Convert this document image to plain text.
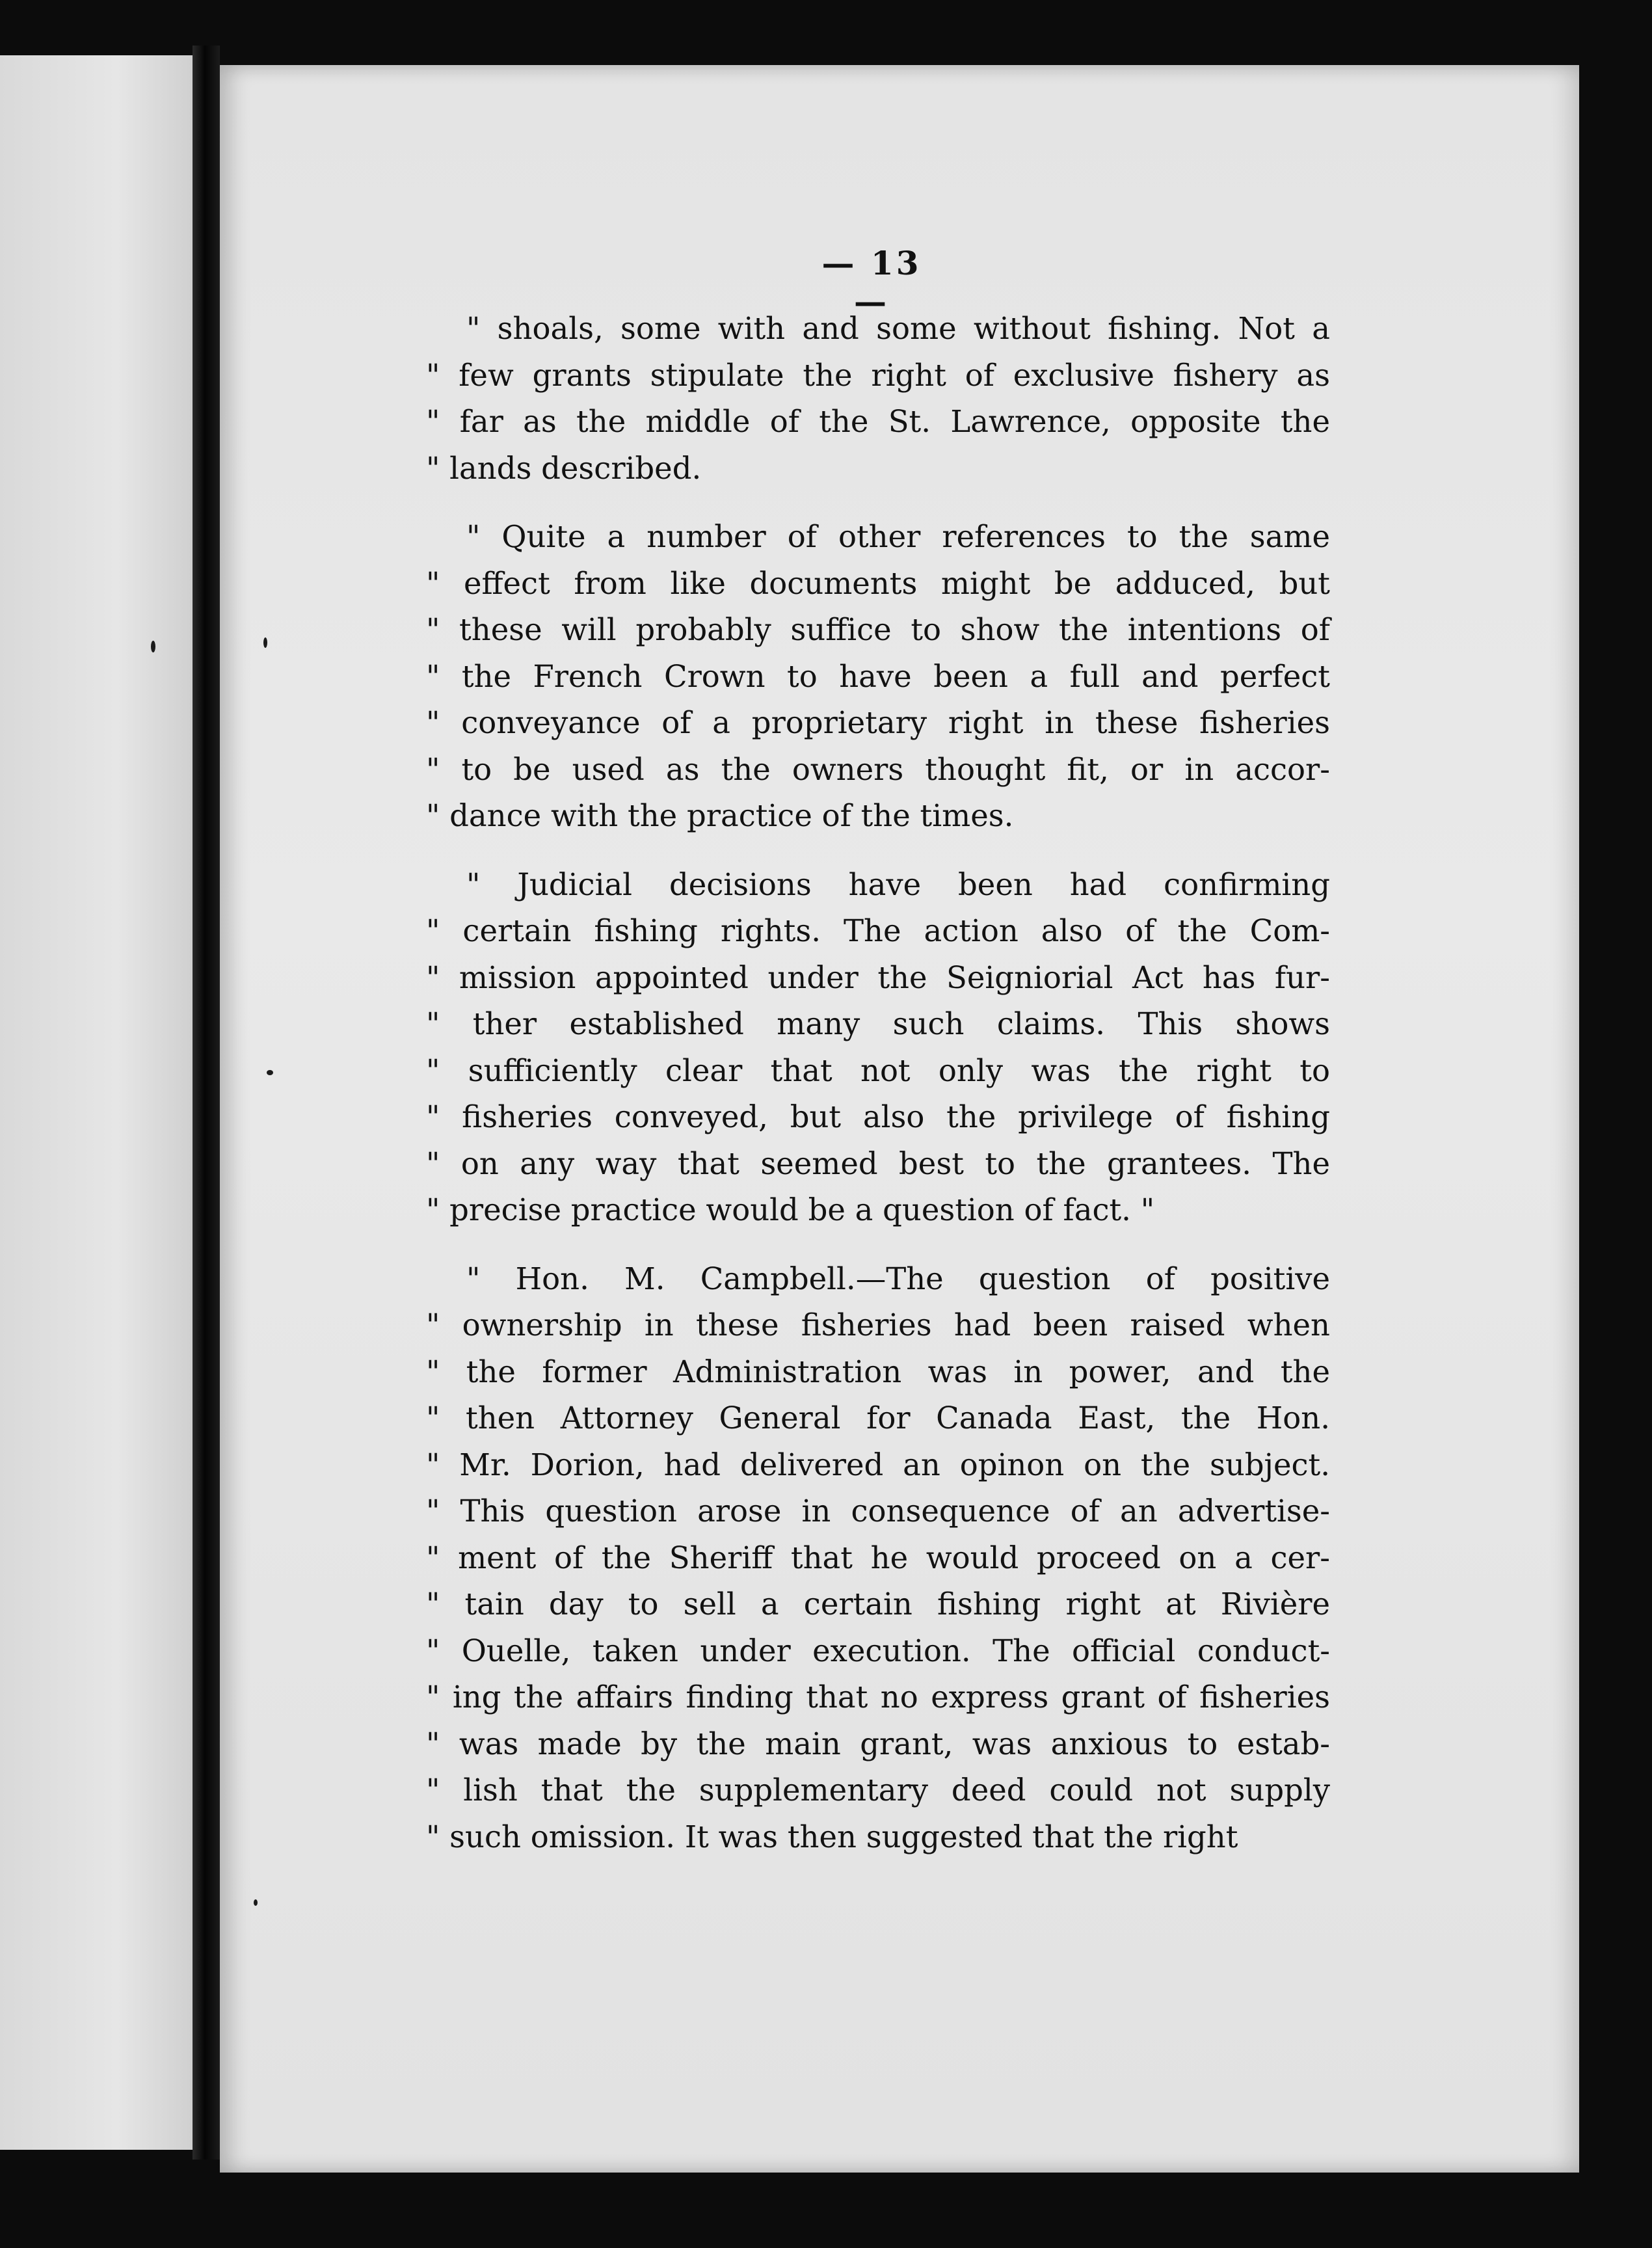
— 13 —
" shoals, some with and some without fishing. Not a
" few grants stipulate the right of exclusive fishery as
" far as the middle of the St. Lawrence, opposite the
" lands described.
" Quite a number of other references to the same
" effect from like documents might be adduced, but
" these will probably suffice to show the intentions of
" the French Crown to have been a full and perfect
" conveyance of a proprietary right in these fisheries
" to be used as the owners thought fit, or in accor-
" dance with the practice of the times.
" Judicial decisions have been had confirming
" certain fishing rights. The action also of the Com-
" mission appointed under the Seigniorial Act has fur-
" ther established many such claims. This shows
" sufficiently clear that not only was the right to
" fisheries conveyed, but also the privilege of fishing
" on any way that seemed best to the grantees. The
" precise practice would be a question of fact. "
" Hon. M. Campbell.—The question of positive
" ownership in these fisheries had been raised when
" the former Administration was in power, and the
" then Attorney General for Canada East, the Hon.
" Mr. Dorion, had delivered an opinon on the subject.
" This question arose in consequence of an advertise-
" ment of the Sheriff that he would proceed on a cer-
" tain day to sell a certain fishing right at Rivière
" Ouelle, taken under execution. The official conduct-
" ing the affairs finding that no express grant of fisheries
" was made by the main grant, was anxious to estab-
" lish that the supplementary deed could not supply
" such omission. It was then suggested that the right
